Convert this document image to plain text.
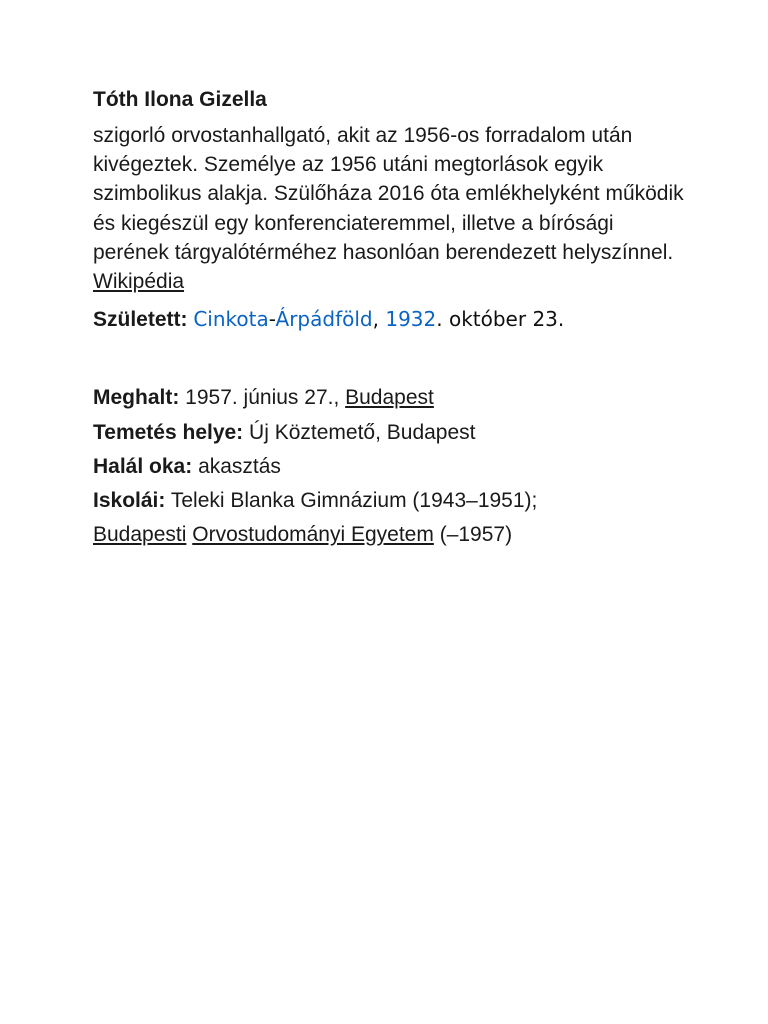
Tóth Ilona Gizella

szigorló orvostanhallgató, akit az 1956-os forradalom után kivégeztek. Személye az 1956 utáni megtorlások egyik szimbolikus alakja. Szülőháza 2016 óta emlékhelyként működik és kiegészül egy konferenciateremmel, illetve a bírósági perének tárgyalótérméhez hasonlóan berendezett helyszínnel.
Wikipédia

Született: Cinkota-Árpádföld, 1932. október 23.

Meghalt: 1957. június 27., Budapest

Temetés helye: Új Köztemető, Budapest

Halál oka: akasztás

Iskolái: Teleki Blanka Gimnázium (1943–1951);

Budapesti Orvostudományi Egyetem (–1957)
